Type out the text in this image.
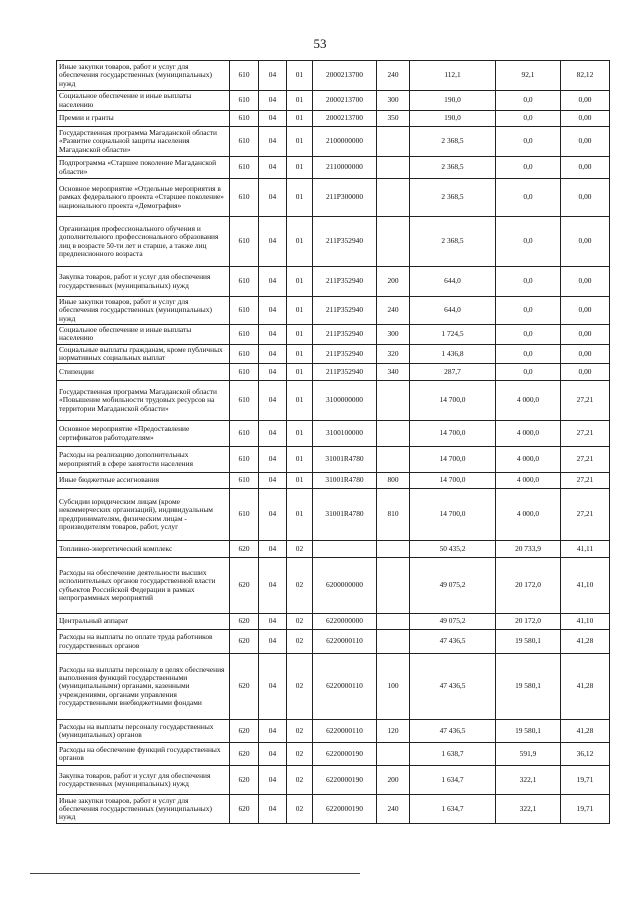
53
Иные закупки товаров, работ и услуг для обеспечения государственных (муниципальных) нужд	610	04	01	2000213700	240	112,1	92,1	82,12
Социальное обеспечение и иные выплаты населению	610	04	01	2000213700	300	190,0	0,0	0,00
Премии и гранты	610	04	01	2000213700	350	190,0	0,0	0,00
Государственная программа Магаданской области «Развитие социальной защиты населения Магаданской области»	610	04	01	2100000000		2 368,5	0,0	0,00
Подпрограмма «Старшее поколение Магаданской области»	610	04	01	2110000000		2 368,5	0,0	0,00
Основное мероприятие «Отдельные мероприятия в рамках федерального проекта «Старшее поколение» национального проекта «Демография»	610	04	01	211P300000		2 368,5	0,0	0,00
Организация профессионального обучения и дополнительного профессионального образования лиц в возрасте 50-ти лет и старше, а также лиц предпенсионного возраста	610	04	01	211P352940		2 368,5	0,0	0,00
Закупка товаров, работ и услуг для обеспечения государственных (муниципальных) нужд	610	04	01	211P352940	200	644,0	0,0	0,00
Иные закупки товаров, работ и услуг для обеспечения государственных (муниципальных) нужд	610	04	01	211P352940	240	644,0	0,0	0,00
Социальное обеспечение и иные выплаты населению	610	04	01	211P352940	300	1 724,5	0,0	0,00
Социальные выплаты гражданам, кроме публичных нормативных социальных выплат	610	04	01	211P352940	320	1 436,8	0,0	0,00
Стипендии	610	04	01	211P352940	340	287,7	0,0	0,00
Государственная программа Магаданской области «Повышение мобильности трудовых ресурсов на территории Магаданской области»	610	04	01	3100000000		14 700,0	4 000,0	27,21
Основное мероприятие «Предоставление сертификатов работодателям»	610	04	01	3100100000		14 700,0	4 000,0	27,21
Расходы на реализацию дополнительных мероприятий в сфере занятости населения	610	04	01	31001R4780		14 700,0	4 000,0	27,21
Иные бюджетные ассигнования	610	04	01	31001R4780	800	14 700,0	4 000,0	27,21
Субсидии юридическим лицам (кроме некоммерческих организаций), индивидуальным предпринимателям, физическим лицам - производителям товаров, работ, услуг	610	04	01	31001R4780	810	14 700,0	4 000,0	27,21
Топливно-энергетический комплекс	620	04	02			50 435,2	20 733,9	41,11
Расходы на обеспечение деятельности высших исполнительных органов государственной власти субъектов Российской Федерации в рамках непрограммных мероприятий	620	04	02	6200000000		49 075,2	20 172,0	41,10
Центральный аппарат	620	04	02	6220000000		49 075,2	20 172,0	41,10
Расходы на выплаты по оплате труда работников государственных органов	620	04	02	6220000110		47 436,5	19 580,1	41,28
Расходы на выплаты персоналу в целях обеспечения выполнения функций государственными (муниципальными) органами, казенными учреждениями, органами управления государственными внебюджетными фондами	620	04	02	6220000110	100	47 436,5	19 580,1	41,28
Расходы на выплаты персоналу государственных (муниципальных) органов	620	04	02	6220000110	120	47 436,5	19 580,1	41,28
Расходы на обеспечение функций государственных органов	620	04	02	6220000190		1 638,7	591,9	36,12
Закупка товаров, работ и услуг для обеспечения государственных (муниципальных) нужд	620	04	02	6220000190	200	1 634,7	322,1	19,71
Иные закупки товаров, работ и услуг для обеспечения государственных (муниципальных) нужд	620	04	02	6220000190	240	1 634,7	322,1	19,71
